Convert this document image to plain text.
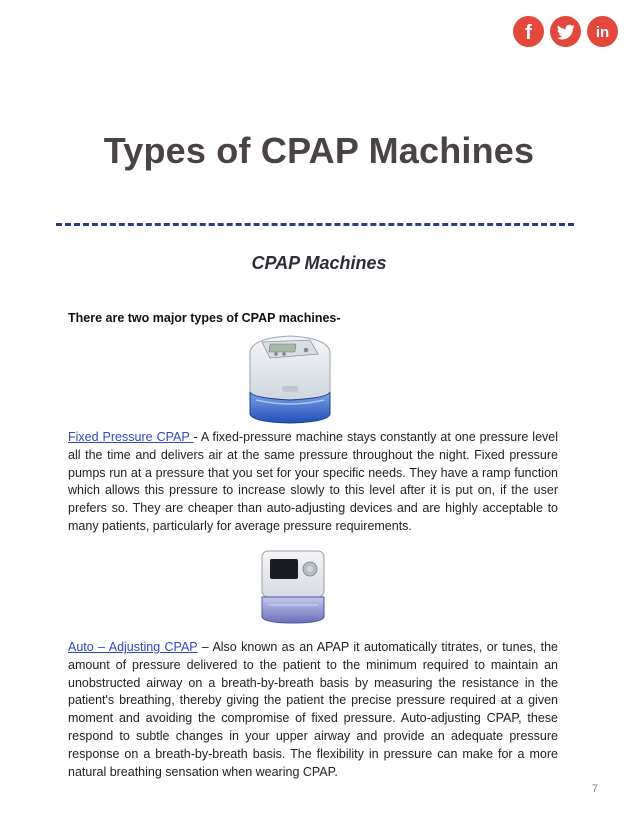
f	in
Types of CPAP Machines
CPAP Machines
There are two major types of CPAP machines-

Fixed Pressure CPAP - A fixed-pressure machine stays constantly at one pressure level all the time and delivers air at the same pressure throughout the night. Fixed pressure pumps run at a pressure that you set for your specific needs. They have a ramp function which allows this pressure to increase slowly to this level after it is put on, if the user prefers so. They are cheaper than auto-adjusting devices and are highly acceptable to many patients, particularly for average pressure requirements.

Auto – Adjusting CPAP – Also known as an APAP it automatically titrates, or tunes, the amount of pressure delivered to the patient to the minimum required to maintain an unobstructed airway on a breath-by-breath basis by measuring the resistance in the patient's breathing, thereby giving the patient the precise pressure required at a given moment and avoiding the compromise of fixed pressure. Auto-adjusting CPAP, these respond to subtle changes in your upper airway and provide an adequate pressure response on a breath-by-breath basis. The flexibility in pressure can make for a more natural breathing sensation when wearing CPAP.

7
